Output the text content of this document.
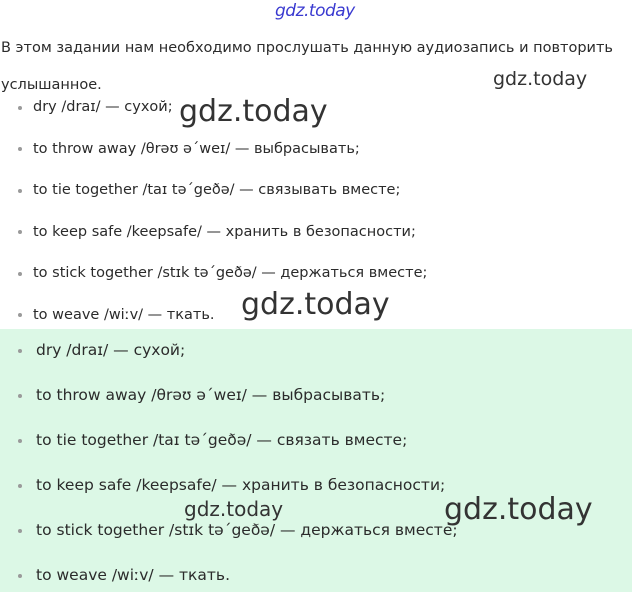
В этом задании нам необходимо прослушать данную аудиозапись и повторить услышанное.
dry /draɪ/ — сухой;
to throw away /θrəʊ ə΄weɪ/ — выбрасывать;
to tie together /taɪ tə΄geðə/ — связывать вместе;
to keep safe /keepsafe/ — хранить в безопасности;
to stick together /stɪk tə΄geðə/ — держаться вместе;
to weave /wiːv/ — ткать.
dry /draɪ/ — сухой;
to throw away /θrəʊ ə΄weɪ/ — выбрасывать;
to tie together /taɪ tə΄geðə/ — связать вместе;
to keep safe /keepsafe/ — хранить в безопасности;
to stick together /stɪk tə΄geðə/ — держаться вместе;
to weave /wiːv/ — ткать.
gdz.today
gdz.today
gdz.today
gdz.today
gdz.today	gdz.today
